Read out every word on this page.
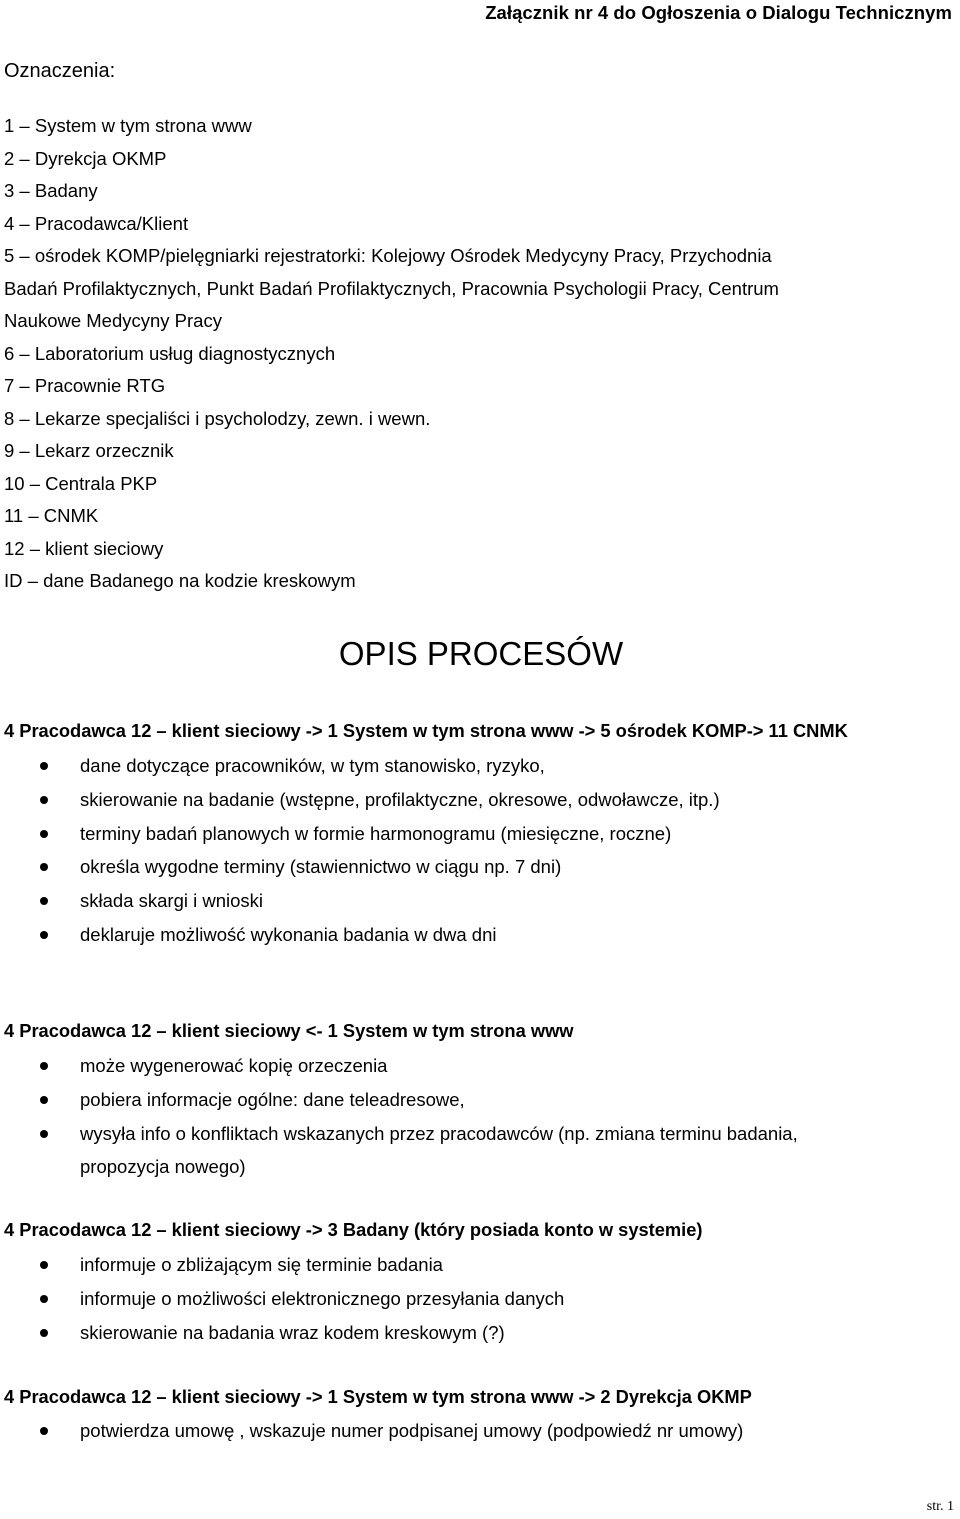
Załącznik nr 4 do Ogłoszenia o Dialogu Technicznym
Oznaczenia:
1 – System w tym strona www
2 – Dyrekcja OKMP
3 – Badany
4 – Pracodawca/Klient
5 – ośrodek KOMP/pielęgniarki rejestratorki: Kolejowy Ośrodek Medycyny Pracy, Przychodnia
Badań Profilaktycznych, Punkt Badań Profilaktycznych, Pracownia Psychologii Pracy, Centrum
Naukowe Medycyny Pracy
6 – Laboratorium usług diagnostycznych
7 – Pracownie RTG
8 – Lekarze specjaliści i psycholodzy, zewn. i wewn.
9 – Lekarz orzecznik
10 – Centrala PKP
11 – CNMK
12 – klient sieciowy
ID – dane Badanego na kodzie kreskowym
OPIS PROCESÓW
4 Pracodawca 12 – klient sieciowy -> 1 System w tym strona www -> 5 ośrodek KOMP-> 11 CNMK
dane dotyczące pracowników, w tym stanowisko, ryzyko,
skierowanie na badanie (wstępne, profilaktyczne, okresowe, odwoławcze, itp.)
terminy badań planowych w formie harmonogramu (miesięczne, roczne)
określa wygodne terminy (stawiennictwo w ciągu np. 7 dni)
składa skargi i wnioski
deklaruje możliwość wykonania badania w dwa dni
4 Pracodawca 12 – klient sieciowy <- 1 System w tym strona www
może wygenerować kopię orzeczenia
pobiera informacje ogólne: dane teleadresowe,
wysyła info o konfliktach wskazanych przez pracodawców (np. zmiana terminu badania,
propozycja nowego)
4 Pracodawca 12 – klient sieciowy -> 3 Badany (który posiada konto w systemie)
informuje o zbliżającym się terminie badania
informuje o możliwości elektronicznego przesyłania danych
skierowanie na badania wraz kodem kreskowym (?)
4 Pracodawca 12 – klient sieciowy -> 1 System w tym strona www -> 2 Dyrekcja OKMP
potwierdza umowę , wskazuje numer podpisanej umowy (podpowiedź nr umowy)
str. 1
